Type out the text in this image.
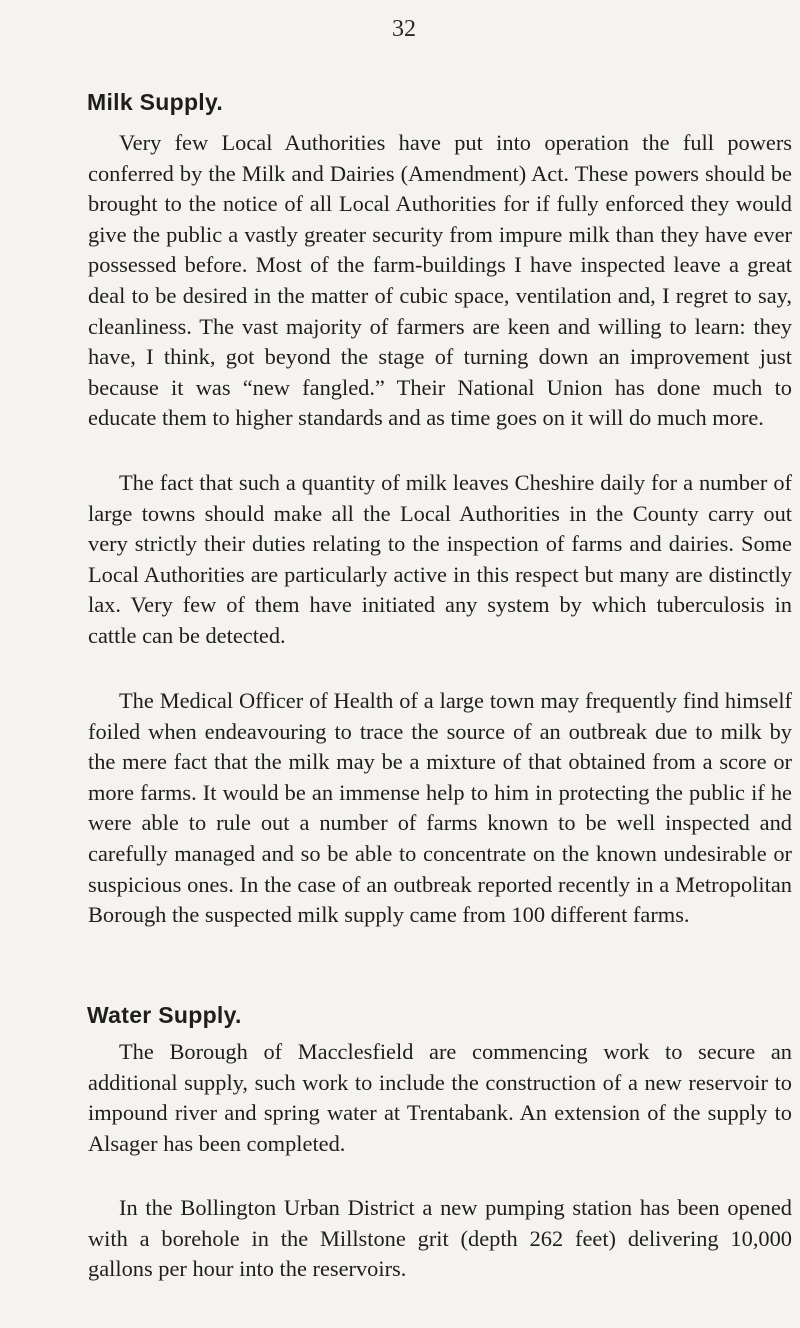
32
Milk Supply.

Very few Local Authorities have put into operation the full powers conferred by the Milk and Dairies (Amendment) Act. These powers should be brought to the notice of all Local Authorities for if fully enforced they would give the public a vastly greater security from impure milk than they have ever possessed before. Most of the farm-buildings I have inspected leave a great deal to be desired in the matter of cubic space, ventilation and, I regret to say, cleanliness. The vast majority of farmers are keen and willing to learn: they have, I think, got beyond the stage of turning down an improvement just because it was “new fangled.” Their National Union has done much to educate them to higher standards and as time goes on it will do much more.

The fact that such a quantity of milk leaves Cheshire daily for a number of large towns should make all the Local Authorities in the County carry out very strictly their duties relating to the inspection of farms and dairies. Some Local Authorities are particularly active in this respect but many are distinctly lax. Very few of them have initiated any system by which tuberculosis in cattle can be detected.

The Medical Officer of Health of a large town may frequently find himself foiled when endeavouring to trace the source of an outbreak due to milk by the mere fact that the milk may be a mixture of that obtained from a score or more farms. It would be an immense help to him in protecting the public if he were able to rule out a number of farms known to be well inspected and carefully managed and so be able to concentrate on the known undesirable or suspicious ones. In the case of an outbreak reported recently in a Metropolitan Borough the suspected milk supply came from 100 different farms.

Water Supply.

The Borough of Macclesfield are commencing work to secure an additional supply, such work to include the construction of a new reservoir to impound river and spring water at Trentabank. An extension of the supply to Alsager has been completed.

In the Bollington Urban District a new pumping station has been opened with a borehole in the Millstone grit (depth 262 feet) delivering 10,000 gallons per hour into the reservoirs.
